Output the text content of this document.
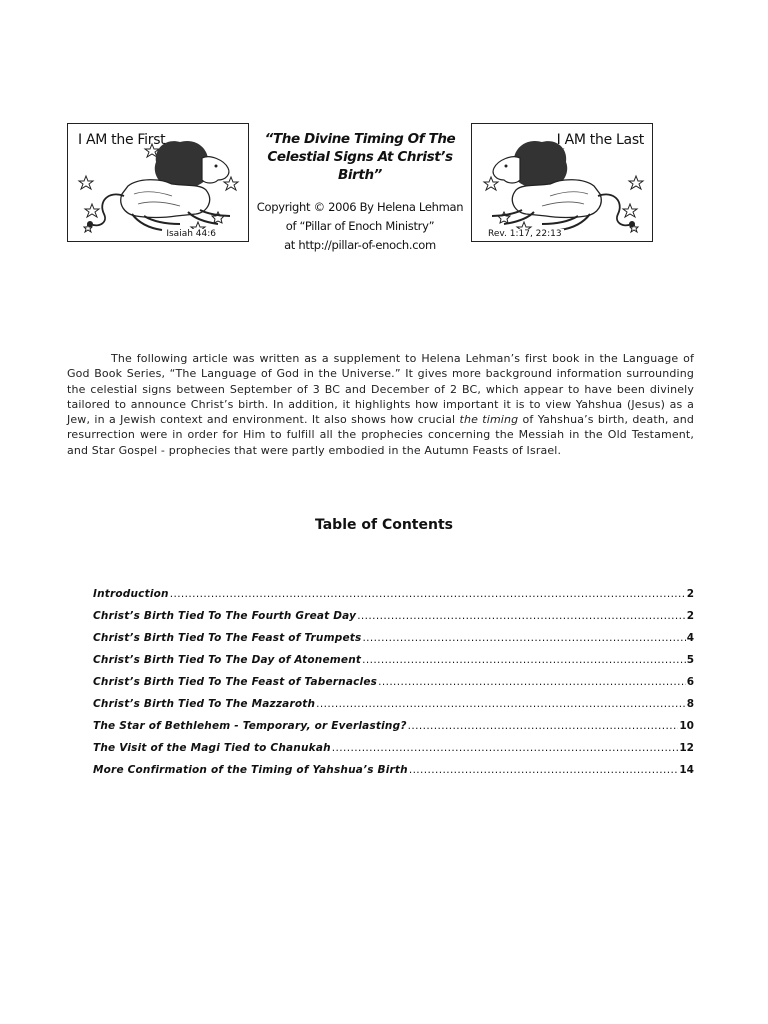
I AM the First
Isaiah 44:6
“The Divine Timing Of The
Celestial Signs At Christ’s Birth”
Copyright © 2006 By Helena Lehman
of “Pillar of Enoch Ministry”
at http://pillar-of-enoch.com
I AM the Last
Rev. 1:17, 22:13

The following article was written as a supplement to Helena Lehman’s first book in the Language of God Book Series, “The Language of God in the Universe.” It gives more background information surrounding the celestial signs between September of 3 BC and December of 2 BC, which appear to have been divinely tailored to announce Christ’s birth. In addition, it highlights how important it is to view Yahshua (Jesus) as a Jew, in a Jewish context and environment. It also shows how crucial the timing of Yahshua’s birth, death, and resurrection were in order for Him to fulfill all the prophecies concerning the Messiah in the Old Testament, and Star Gospel - prophecies that were partly embodied in the Autumn Feasts of Israel.

Table of Contents
Introduction .....	2
Christ’s Birth Tied To The Fourth Great Day .....	2
Christ’s Birth Tied To The Feast of Trumpets .....	4
Christ’s Birth Tied To The Day of Atonement .....	5
Christ’s Birth Tied To The Feast of Tabernacles .....	6
Christ’s Birth Tied To The Mazzaroth .....	8
The Star of Bethlehem - Temporary, or Everlasting? .....	10
The Visit of the Magi Tied to Chanukah .....	12
More Confirmation of the Timing of Yahshua’s Birth .....	14
